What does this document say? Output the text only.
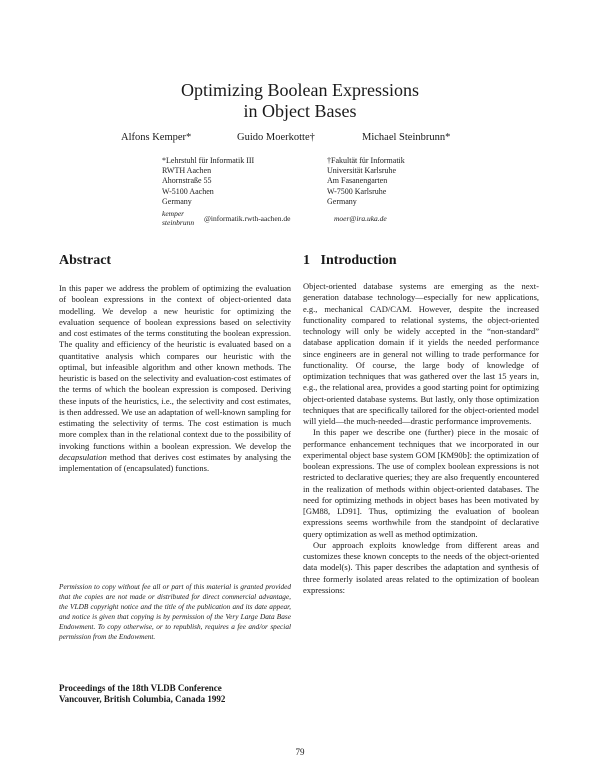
Optimizing Boolean Expressions
in Object Bases
Alfons Kemper*	Guido Moerkotte†	Michael Steinbrunn*
*Lehrstuhl für Informatik III
RWTH Aachen
Ahornstraße 55
W-5100 Aachen
Germany
kemper
steinbrunn @informatik.rwth-aachen.de
†Fakultät für Informatik
Universität Karlsruhe
Am Fasanengarten
W-7500 Karlsruhe
Germany
moer@ira.uka.de
Abstract

In this paper we address the problem of optimizing the evaluation of boolean expressions in the context of object-oriented data modelling. We develop a new heuristic for optimizing the evaluation sequence of boolean expressions based on selectivity and cost estimates of the terms constituting the boolean expression. The quality and efficiency of the heuristic is evaluated based on a quantitative analysis which compares our heuristic with the optimal, but infeasible algorithm and other known methods. The heuristic is based on the selectivity and evaluation-cost estimates of the terms of which the boolean expression is composed. Deriving these inputs of the heuristics, i.e., the selectivity and cost estimates, is then addressed. We use an adaptation of well-known sampling for estimating the selectivity of terms. The cost estimation is much more complex than in the relational context due to the possibility of invoking functions within a boolean expression. We develop the decapsulation method that derives cost estimates by analysing the implementation of (encapsulated) functions.

Permission to copy without fee all or part of this material is granted provided that the copies are not made or distributed for direct commercial advantage, the VLDB copyright notice and the title of the publication and its date appear, and notice is given that copying is by permission of the Very Large Data Base Endowment. To copy otherwise, or to republish, requires a fee and/or special permission from the Endowment.
Proceedings of the 18th VLDB Conference
Vancouver, British Columbia, Canada 1992
1 Introduction

Object-oriented database systems are emerging as the next-generation database technology—especially for new applications, e.g., mechanical CAD/CAM. However, despite the increased functionality compared to relational systems, the object-oriented technology will only be widely accepted in the “non-standard” database application domain if it yields the needed performance since engineers are in general not willing to trade performance for functionality. Of course, the large body of knowledge of optimization techniques that was gathered over the last 15 years in, e.g., the relational area, provides a good starting point for optimizing object-oriented database systems. But lastly, only those optimization techniques that are specifically tailored for the object-oriented model will yield—the much-needed—drastic performance improvements.

In this paper we describe one (further) piece in the mosaic of performance enhancement techniques that we incorporated in our experimental object base system GOM [KM90b]: the optimization of boolean expressions. The use of complex boolean expressions is not restricted to declarative queries; they are also frequently encountered in the realization of methods within object-oriented databases. The need for optimizing methods in object bases has been motivated by [GM88, LD91]. Thus, optimizing the evaluation of boolean expressions seems worthwhile from the standpoint of declarative query optimization as well as method optimization.

Our approach exploits knowledge from different areas and customizes these known concepts to the needs of the object-oriented data model(s). This paper describes the adaptation and synthesis of three formerly isolated areas related to the optimization of boolean expressions:

79
